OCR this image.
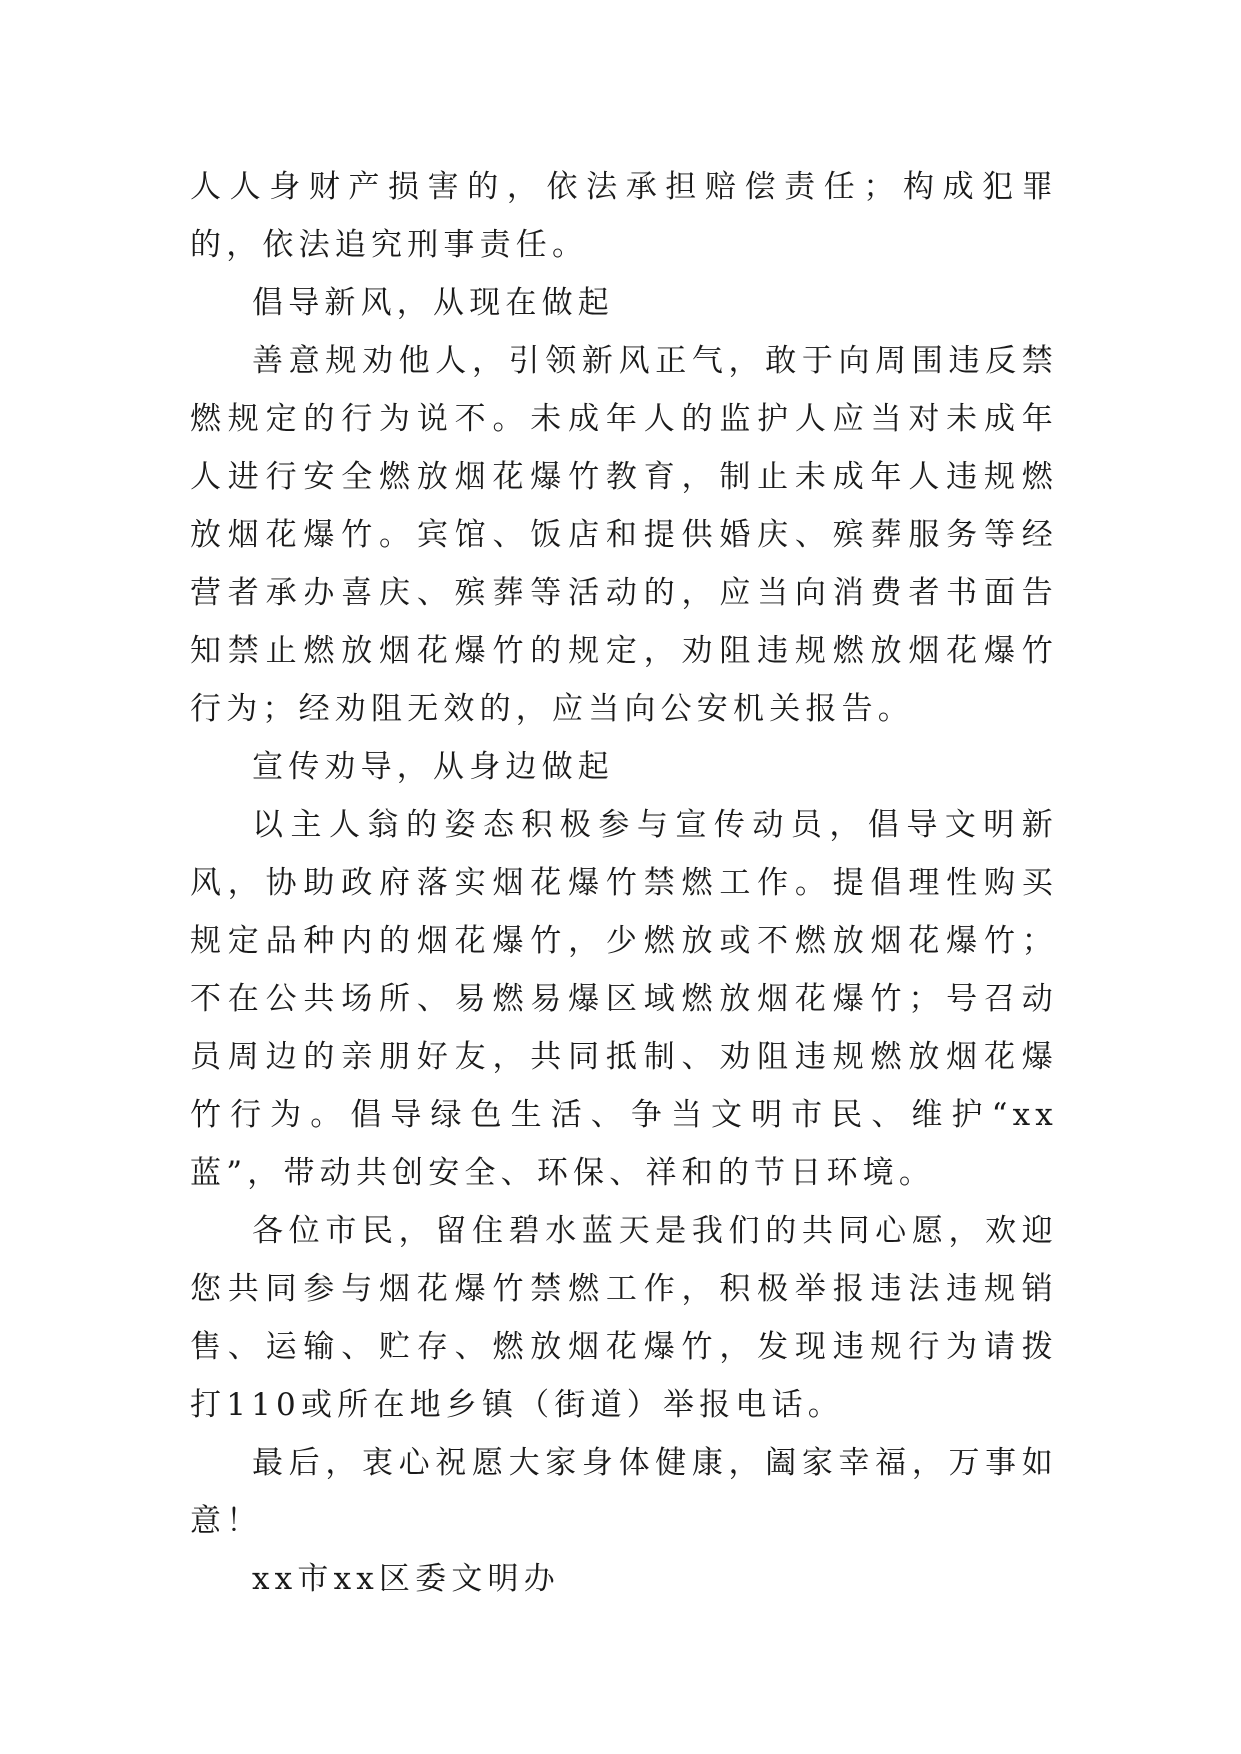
人人身财产损害的，依法承担赔偿责任；构成犯罪的，依法追究刑事责任。

倡导新风，从现在做起

善意规劝他人，引领新风正气，敢于向周围违反禁燃规定的行为说不。未成年人的监护人应当对未成年人进行安全燃放烟花爆竹教育，制止未成年人违规燃放烟花爆竹。宾馆、饭店和提供婚庆、殡葬服务等经营者承办喜庆、殡葬等活动的，应当向消费者书面告知禁止燃放烟花爆竹的规定，劝阻违规燃放烟花爆竹行为；经劝阻无效的，应当向公安机关报告。

宣传劝导，从身边做起

以主人翁的姿态积极参与宣传动员，倡导文明新风，协助政府落实烟花爆竹禁燃工作。提倡理性购买规定品种内的烟花爆竹，少燃放或不燃放烟花爆竹；不在公共场所、易燃易爆区域燃放烟花爆竹；号召动员周边的亲朋好友，共同抵制、劝阻违规燃放烟花爆竹行为。倡导绿色生活、争当文明市民、维护“xx蓝”，带动共创安全、环保、祥和的节日环境。

各位市民，留住碧水蓝天是我们的共同心愿，欢迎您共同参与烟花爆竹禁燃工作，积极举报违法违规销售、运输、贮存、燃放烟花爆竹，发现违规行为请拨打110或所在地乡镇（街道）举报电话。

最后，衷心祝愿大家身体健康，阖家幸福，万事如意！

xx市xx区委文明办
